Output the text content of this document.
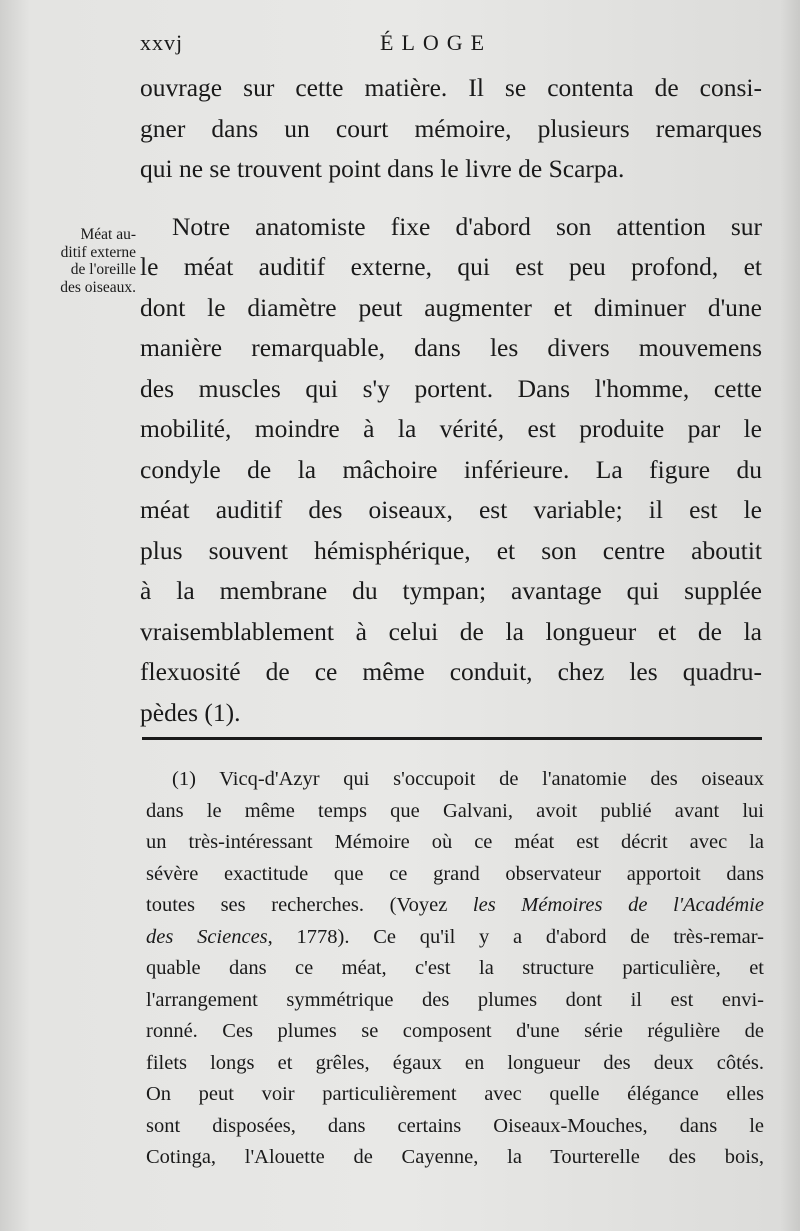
xxvj	ÉLOGE
Méat au-
ditif externe
de l'oreille
des oiseaux.
ouvrage sur cette matière. Il se contenta de consi-
gner dans un court mémoire, plusieurs remarques
qui ne se trouvent point dans le livre de Scarpa.
Notre anatomiste fixe d'abord son attention sur
le méat auditif externe, qui est peu profond, et
dont le diamètre peut augmenter et diminuer d'une
manière remarquable, dans les divers mouvemens
des muscles qui s'y portent. Dans l'homme, cette
mobilité, moindre à la vérité, est produite par le
condyle de la mâchoire inférieure. La figure du
méat auditif des oiseaux, est variable; il est le
plus souvent hémisphérique, et son centre aboutit
à la membrane du tympan; avantage qui supplée
vraisemblablement à celui de la longueur et de la
flexuosité de ce même conduit, chez les quadru-
pèdes (1).
(1) Vicq-d'Azyr qui s'occupoit de l'anatomie des oiseaux
dans le même temps que Galvani, avoit publié avant lui
un très-intéressant Mémoire où ce méat est décrit avec la
sévère exactitude que ce grand observateur apportoit dans
toutes ses recherches. (Voyez les Mémoires de l'Académie
des Sciences, 1778). Ce qu'il y a d'abord de très-remar-
quable dans ce méat, c'est la structure particulière, et
l'arrangement symmétrique des plumes dont il est envi-
ronné. Ces plumes se composent d'une série régulière de
filets longs et grêles, égaux en longueur des deux côtés.
On peut voir particulièrement avec quelle élégance elles
sont disposées, dans certains Oiseaux-Mouches, dans le
Cotinga, l'Alouette de Cayenne, la Tourterelle des bois,
